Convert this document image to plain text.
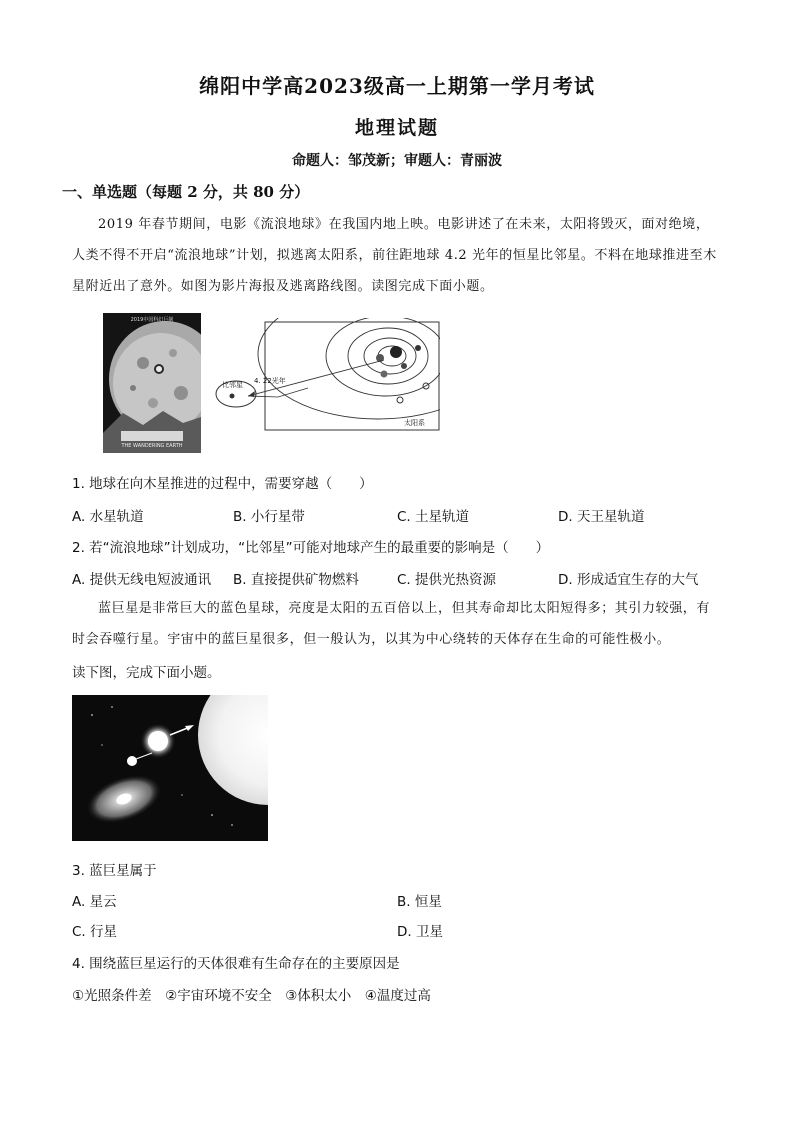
绵阳中学高2023级高一上期第一学月考试
地理试题
命题人：邹茂新；审题人：青丽波
一、单选题（每题 2 分，共 80 分）
2019 年春节期间，电影《流浪地球》在我国内地上映。电影讲述了在未来，太阳将毁灭，面对绝境，人类不得不开启“流浪地球”计划，拟逃离太阳系，前往距地球 4.2 光年的恒星比邻星。不料在地球推进至木星附近出了意外。如图为影片海报及逃离路线图。读图完成下面小题。
2019中国科幻巨制
THE WANDERING EARTH
比邻星 4. 22光年
太阳系
1. 地球在向木星推进的过程中，需要穿越（　　）
A. 水星轨道	B. 小行星带	C. 土星轨道	D. 天王星轨道
2. 若“流浪地球”计划成功，“比邻星”可能对地球产生的最重要的影响是（　　）
A. 提供无线电短波通讯 B. 直接提供矿物燃料	C. 提供光热资源	D. 形成适宜生存的大气
蓝巨星是非常巨大的蓝色星球，亮度是太阳的五百倍以上，但其寿命却比太阳短得多；其引力较强，有时会吞噬行星。宇宙中的蓝巨星很多，但一般认为，以其为中心绕转的天体存在生命的可能性极小。
读下图，完成下面小题。
3. 蓝巨星属于
A. 星云	B. 恒星
C. 行星	D. 卫星
4. 围绕蓝巨星运行的天体很难有生命存在的主要原因是
①光照条件差　②宇宙环境不安全　③体积太小　④温度过高
